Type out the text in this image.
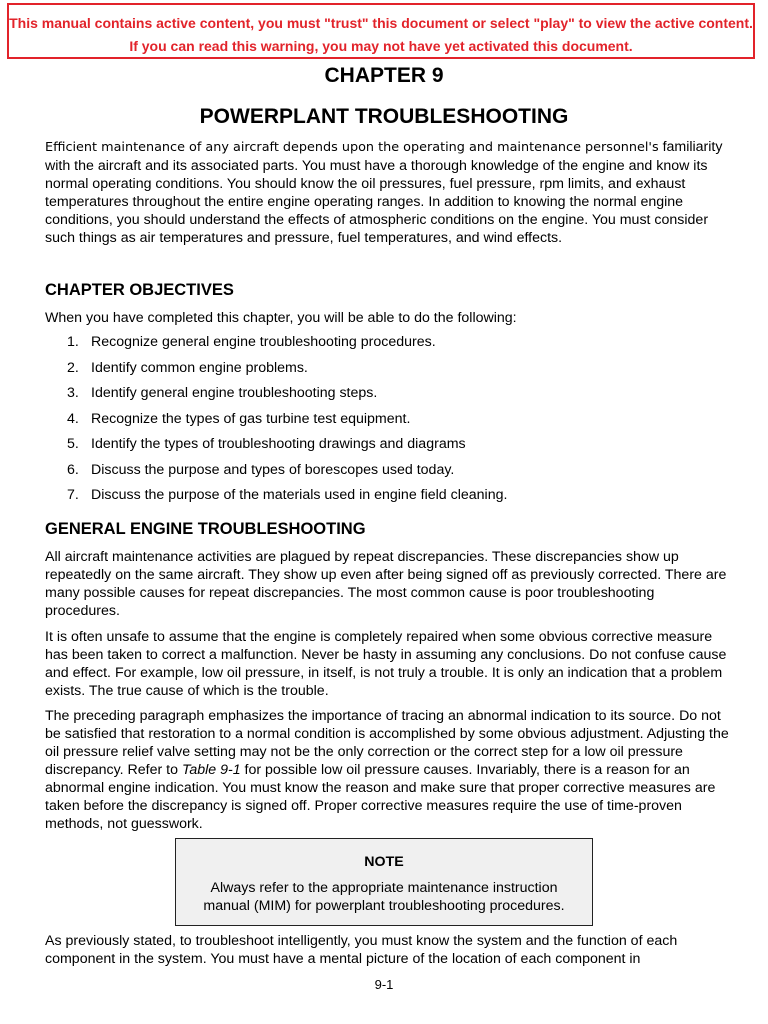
This manual contains active content, you must "trust" this document or select "play" to view the active content.
If you can read this warning, you may not have yet activated this document.
CHAPTER 9
POWERPLANT TROUBLESHOOTING
Efficient maintenance of any aircraft depends upon the operating and maintenance personnel's familiarity with the aircraft and its associated parts. You must have a thorough knowledge of the engine and know its normal operating conditions. You should know the oil pressures, fuel pressure, rpm limits, and exhaust temperatures throughout the entire engine operating ranges. In addition to knowing the normal engine conditions, you should understand the effects of atmospheric conditions on the engine. You must consider such things as air temperatures and pressure, fuel temperatures, and wind effects.
CHAPTER OBJECTIVES
When you have completed this chapter, you will be able to do the following:
1. Recognize general engine troubleshooting procedures.
2. Identify common engine problems.
3. Identify general engine troubleshooting steps.
4. Recognize the types of gas turbine test equipment.
5. Identify the types of troubleshooting drawings and diagrams
6. Discuss the purpose and types of borescopes used today.
7. Discuss the purpose of the materials used in engine field cleaning.
GENERAL ENGINE TROUBLESHOOTING
All aircraft maintenance activities are plagued by repeat discrepancies. These discrepancies show up repeatedly on the same aircraft. They show up even after being signed off as previously corrected. There are many possible causes for repeat discrepancies. The most common cause is poor troubleshooting procedures.
It is often unsafe to assume that the engine is completely repaired when some obvious corrective measure has been taken to correct a malfunction. Never be hasty in assuming any conclusions. Do not confuse cause and effect. For example, low oil pressure, in itself, is not truly a trouble. It is only an indication that a problem exists. The true cause of which is the trouble.
The preceding paragraph emphasizes the importance of tracing an abnormal indication to its source. Do not be satisfied that restoration to a normal condition is accomplished by some obvious adjustment. Adjusting the oil pressure relief valve setting may not be the only correction or the correct step for a low oil pressure discrepancy. Refer to Table 9-1 for possible low oil pressure causes. Invariably, there is a reason for an abnormal engine indication. You must know the reason and make sure that proper corrective measures are taken before the discrepancy is signed off. Proper corrective measures require the use of time-proven methods, not guesswork.
NOTE
Always refer to the appropriate maintenance instruction manual (MIM) for powerplant troubleshooting procedures.
As previously stated, to troubleshoot intelligently, you must know the system and the function of each component in the system. You must have a mental picture of the location of each component in
9-1
